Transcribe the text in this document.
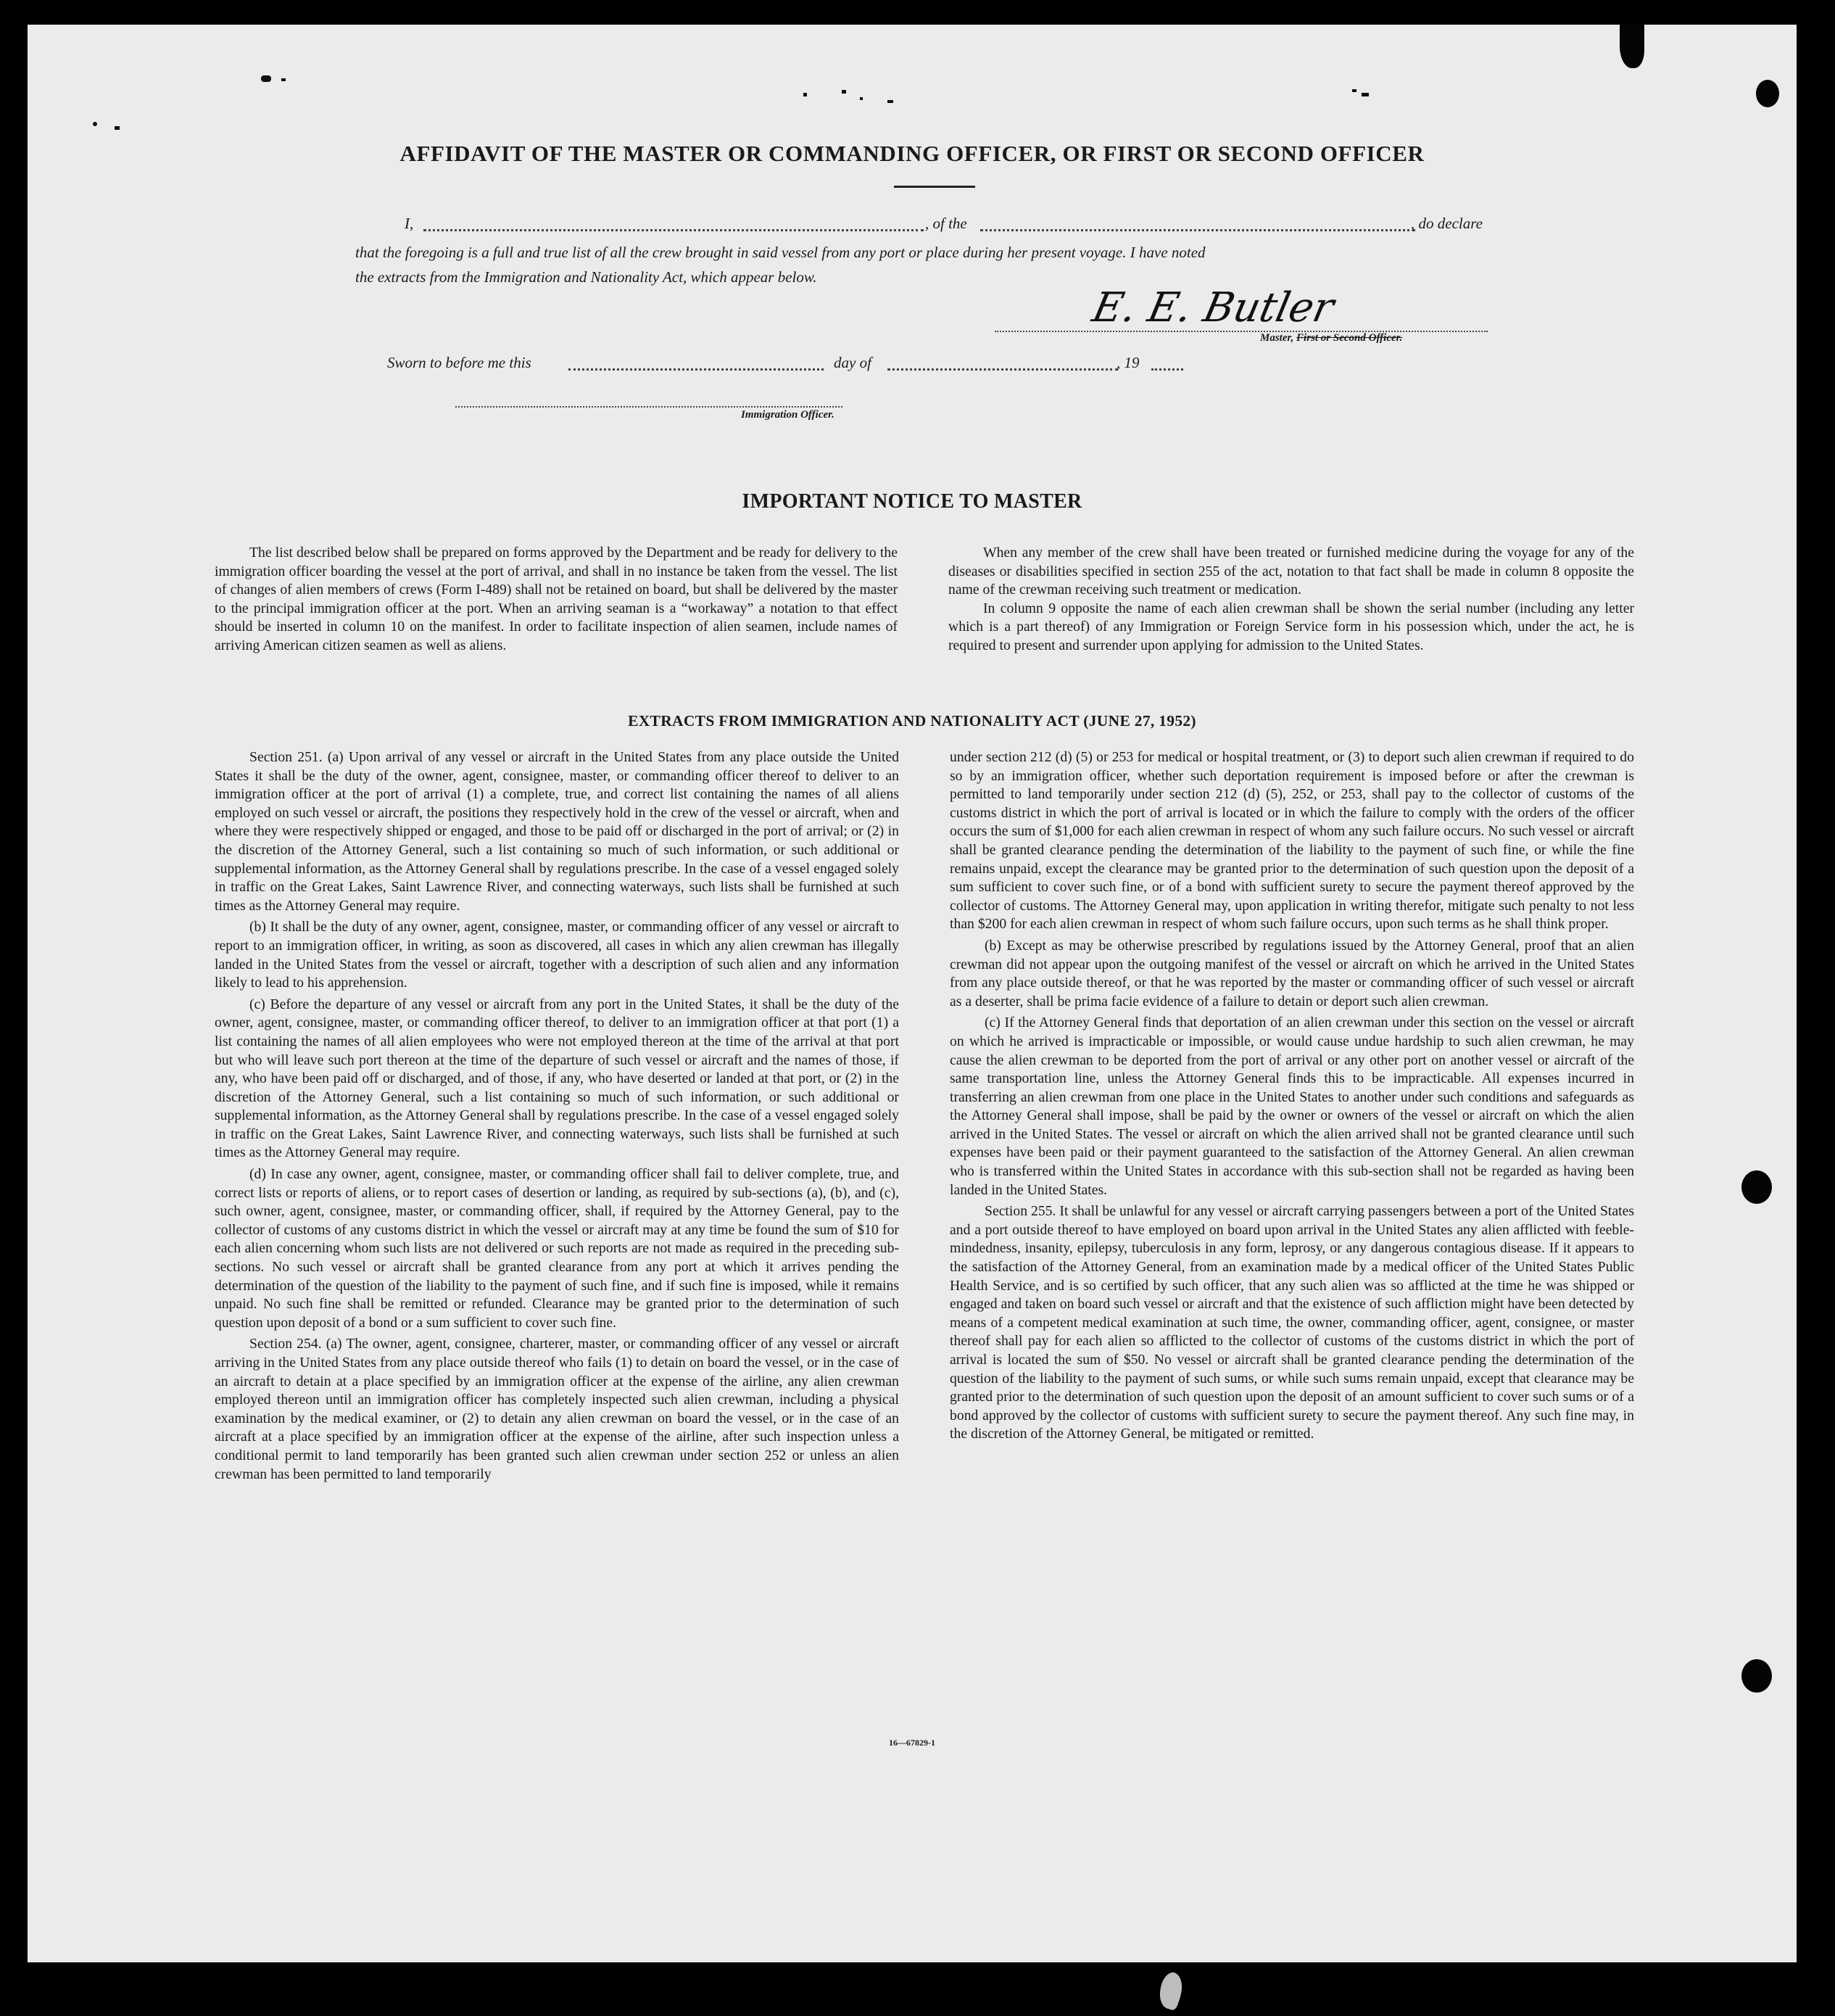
AFFIDAVIT OF THE MASTER OR COMMANDING OFFICER, OR FIRST OR SECOND OFFICER
I,	, of the	, do declare
that the foregoing is a full and true list of all the crew brought in said vessel from any port or place during her present voyage. I have noted
the extracts from the Immigration and Nationality Act, which appear below.
E. E. Butler
Master, First or Second Officer.
Sworn to before me this	day of	, 19
Immigration Officer.
IMPORTANT NOTICE TO MASTER

The list described below shall be prepared on forms approved by the Department and be ready for delivery to the immigration officer boarding the vessel at the port of arrival, and shall in no instance be taken from the vessel. The list of changes of alien members of crews (Form I-489) shall not be retained on board, but shall be delivered by the master to the principal immigration officer at the port. When an arriving seaman is a “workaway” a notation to that effect should be inserted in column 10 on the manifest. In order to facilitate inspection of alien seamen, include names of arriving American citizen seamen as well as aliens.

When any member of the crew shall have been treated or furnished medicine during the voyage for any of the diseases or disabilities specified in section 255 of the act, notation to that fact shall be made in column 8 opposite the name of the crewman receiving such treatment or medication.

In column 9 opposite the name of each alien crewman shall be shown the serial number (including any letter which is a part thereof) of any Immigration or Foreign Service form in his possession which, under the act, he is required to present and surrender upon applying for admission to the United States.

EXTRACTS FROM IMMIGRATION AND NATIONALITY ACT (JUNE 27, 1952)

Section 251. (a) Upon arrival of any vessel or aircraft in the United States from any place outside the United States it shall be the duty of the owner, agent, consignee, master, or commanding officer thereof to deliver to an immigration officer at the port of arrival (1) a complete, true, and correct list containing the names of all aliens employed on such vessel or aircraft, the positions they respectively hold in the crew of the vessel or aircraft, when and where they were respectively shipped or engaged, and those to be paid off or discharged in the port of arrival; or (2) in the discretion of the Attorney General, such a list containing so much of such information, or such additional or supplemental information, as the Attorney General shall by regulations prescribe. In the case of a vessel engaged solely in traffic on the Great Lakes, Saint Lawrence River, and connecting waterways, such lists shall be furnished at such times as the Attorney General may require.

(b) It shall be the duty of any owner, agent, consignee, master, or commanding officer of any vessel or aircraft to report to an immigration officer, in writing, as soon as discovered, all cases in which any alien crewman has illegally landed in the United States from the vessel or aircraft, together with a description of such alien and any information likely to lead to his apprehension.

(c) Before the departure of any vessel or aircraft from any port in the United States, it shall be the duty of the owner, agent, consignee, master, or commanding officer thereof, to deliver to an immigration officer at that port (1) a list containing the names of all alien employees who were not employed thereon at the time of the arrival at that port but who will leave such port thereon at the time of the departure of such vessel or aircraft and the names of those, if any, who have been paid off or discharged, and of those, if any, who have deserted or landed at that port, or (2) in the discretion of the Attorney General, such a list containing so much of such information, or such additional or supplemental information, as the Attorney General shall by regulations prescribe. In the case of a vessel engaged solely in traffic on the Great Lakes, Saint Lawrence River, and connecting waterways, such lists shall be furnished at such times as the Attorney General may require.

(d) In case any owner, agent, consignee, master, or commanding officer shall fail to deliver complete, true, and correct lists or reports of aliens, or to report cases of desertion or landing, as required by sub-sections (a), (b), and (c), such owner, agent, consignee, master, or commanding officer, shall, if required by the Attorney General, pay to the collector of customs of any customs district in which the vessel or aircraft may at any time be found the sum of $10 for each alien concerning whom such lists are not delivered or such reports are not made as required in the preceding sub-sections. No such vessel or aircraft shall be granted clearance from any port at which it arrives pending the determination of the question of the liability to the payment of such fine, and if such fine is imposed, while it remains unpaid. No such fine shall be remitted or refunded. Clearance may be granted prior to the determination of such question upon deposit of a bond or a sum sufficient to cover such fine.

Section 254. (a) The owner, agent, consignee, charterer, master, or commanding officer of any vessel or aircraft arriving in the United States from any place outside thereof who fails (1) to detain on board the vessel, or in the case of an aircraft to detain at a place specified by an immigration officer at the expense of the airline, any alien crewman employed thereon until an immigration officer has completely inspected such alien crewman, including a physical examination by the medical examiner, or (2) to detain any alien crewman on board the vessel, or in the case of an aircraft at a place specified by an immigration officer at the expense of the airline, after such inspection unless a conditional permit to land temporarily has been granted such alien crewman under section 252 or unless an alien crewman has been permitted to land temporarily

under section 212 (d) (5) or 253 for medical or hospital treatment, or (3) to deport such alien crewman if required to do so by an immigration officer, whether such deportation requirement is imposed before or after the crewman is permitted to land temporarily under section 212 (d) (5), 252, or 253, shall pay to the collector of customs of the customs district in which the port of arrival is located or in which the failure to comply with the orders of the officer occurs the sum of $1,000 for each alien crewman in respect of whom any such failure occurs. No such vessel or aircraft shall be granted clearance pending the determination of the liability to the payment of such fine, or while the fine remains unpaid, except the clearance may be granted prior to the determination of such question upon the deposit of a sum sufficient to cover such fine, or of a bond with sufficient surety to secure the payment thereof approved by the collector of customs. The Attorney General may, upon application in writing therefor, mitigate such penalty to not less than $200 for each alien crewman in respect of whom such failure occurs, upon such terms as he shall think proper.

(b) Except as may be otherwise prescribed by regulations issued by the Attorney General, proof that an alien crewman did not appear upon the outgoing manifest of the vessel or aircraft on which he arrived in the United States from any place outside thereof, or that he was reported by the master or commanding officer of such vessel or aircraft as a deserter, shall be prima facie evidence of a failure to detain or deport such alien crewman.

(c) If the Attorney General finds that deportation of an alien crewman under this section on the vessel or aircraft on which he arrived is impracticable or impossible, or would cause undue hardship to such alien crewman, he may cause the alien crewman to be deported from the port of arrival or any other port on another vessel or aircraft of the same transportation line, unless the Attorney General finds this to be impracticable. All expenses incurred in transferring an alien crewman from one place in the United States to another under such conditions and safeguards as the Attorney General shall impose, shall be paid by the owner or owners of the vessel or aircraft on which the alien arrived in the United States. The vessel or aircraft on which the alien arrived shall not be granted clearance until such expenses have been paid or their payment guaranteed to the satisfaction of the Attorney General. An alien crewman who is transferred within the United States in accordance with this sub-section shall not be regarded as having been landed in the United States.

Section 255. It shall be unlawful for any vessel or aircraft carrying passengers between a port of the United States and a port outside thereof to have employed on board upon arrival in the United States any alien afflicted with feeble-mindedness, insanity, epilepsy, tuberculosis in any form, leprosy, or any dangerous contagious disease. If it appears to the satisfaction of the Attorney General, from an examination made by a medical officer of the United States Public Health Service, and is so certified by such officer, that any such alien was so afflicted at the time he was shipped or engaged and taken on board such vessel or aircraft and that the existence of such affliction might have been detected by means of a competent medical examination at such time, the owner, commanding officer, agent, consignee, or master thereof shall pay for each alien so afflicted to the collector of customs of the customs district in which the port of arrival is located the sum of $50. No vessel or aircraft shall be granted clearance pending the determination of the question of the liability to the payment of such sums, or while such sums remain unpaid, except that clearance may be granted prior to the determination of such question upon the deposit of an amount sufficient to cover such sums or of a bond approved by the collector of customs with sufficient surety to secure the payment thereof. Any such fine may, in the discretion of the Attorney General, be mitigated or remitted.

16—67829-1
